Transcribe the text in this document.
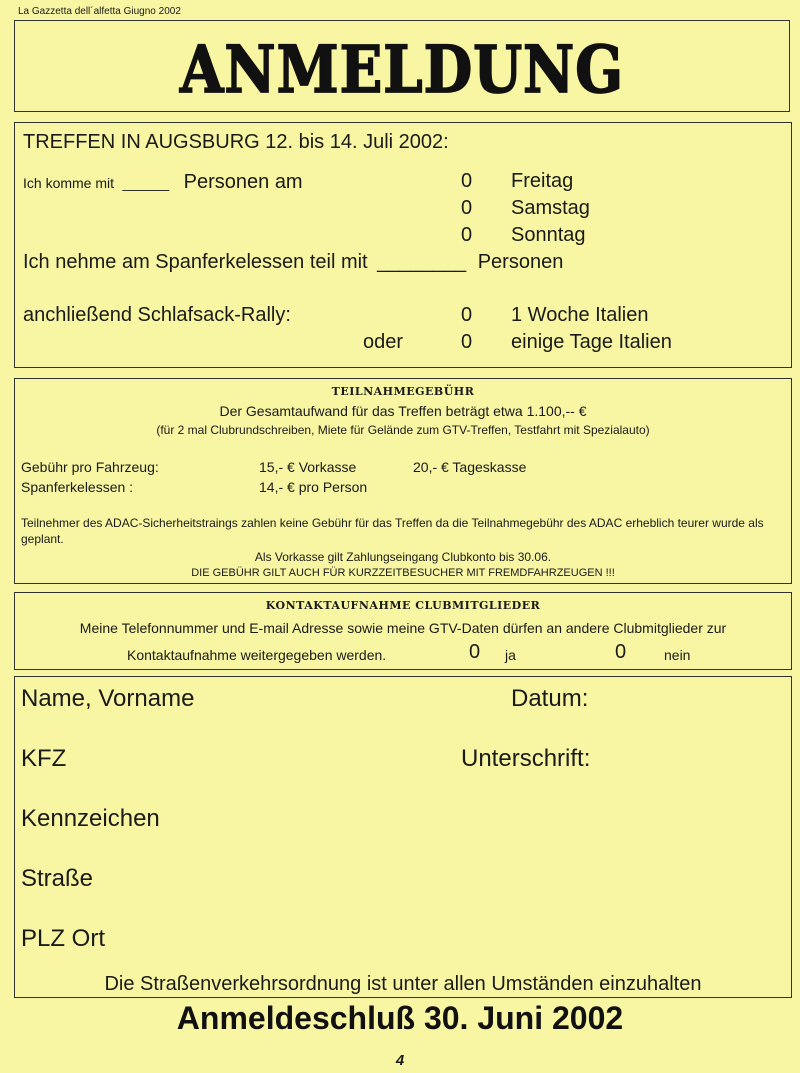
La Gazzetta dell´alfetta Giugno 2002
ANMELDUNG
TREFFEN IN AUGSBURG 12. bis 14. Juli 2002:
Ich komme mit ______ Personen am	0 Freitag
0 Samstag
0 Sonntag
Ich nehme am Spanferkelessen teil mit ________ Personen
anchließend Schlafsack-Rally:	0 1 Woche Italien
oder	0 einige Tage Italien
TEILNAHMEGEBÜHR
Der Gesamtaufwand für das Treffen beträgt etwa 1.100,-- €
(für 2 mal Clubrundschreiben, Miete für Gelände zum GTV-Treffen, Testfahrt mit Spezialauto)
Gebühr pro Fahrzeug:	15,- € Vorkasse	20,- € Tageskasse
Spanferkelessen :	14,- € pro Person
Teilnehmer des ADAC-Sicherheitstraings zahlen keine Gebühr für das Treffen da die Teilnahmegebühr des ADAC erheblich teurer wurde als geplant.
Als Vorkasse gilt Zahlungseingang Clubkonto bis 30.06.
DIE GEBÜHR GILT AUCH FÜR KURZZEITBESUCHER MIT FREMDFAHRZEUGEN !!!
KONTAKTAUFNAHME CLUBMITGLIEDER
Meine Telefonnummer und E-mail Adresse sowie meine GTV-Daten dürfen an andere Clubmitglieder zur
Kontaktaufnahme weitergegeben werden.	0 ja	0	nein
Name, Vorname	Datum:
KFZ	Unterschrift:
Kennzeichen
Straße
PLZ Ort
Die Straßenverkehrsordnung ist unter allen Umständen einzuhalten
Anmeldeschluß 30. Juni 2002
4
